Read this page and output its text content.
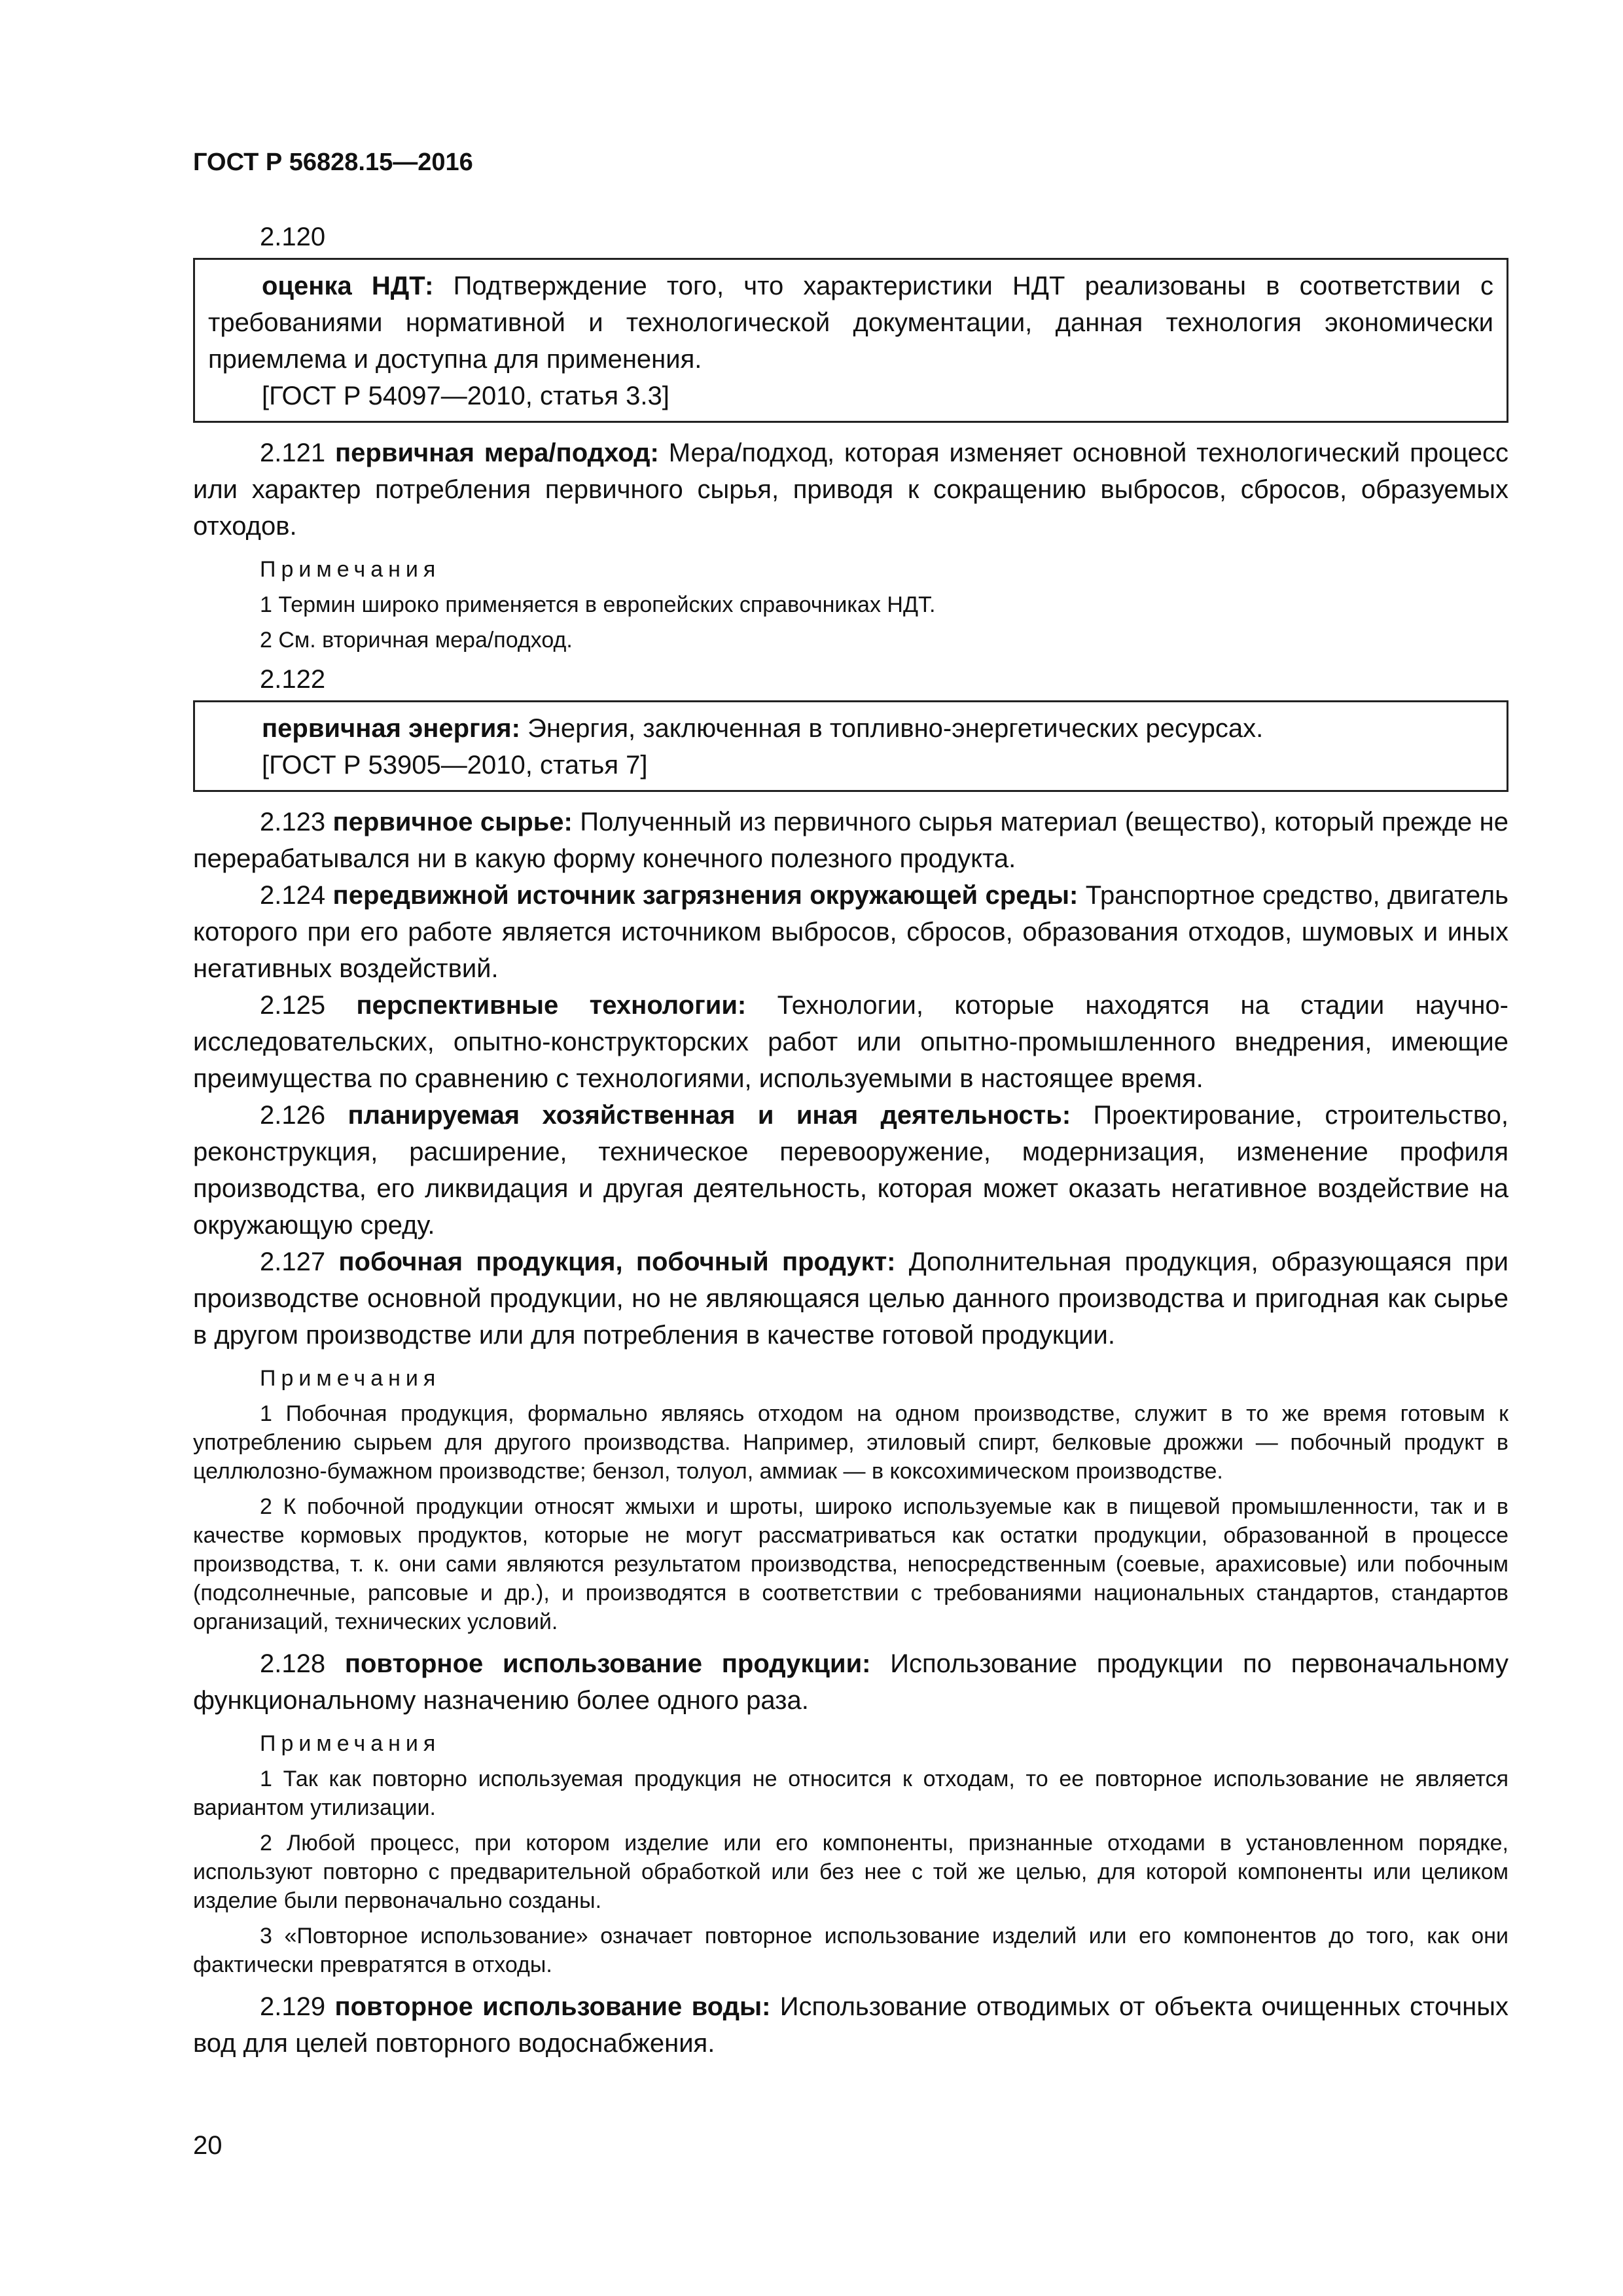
ГОСТ Р 56828.15—2016

2.120

оценка НДТ: Подтверждение того, что характеристики НДТ реализованы в соответствии с требованиями нормативной и технологической документации, данная технология экономически приемлема и доступна для применения.

[ГОСТ Р 54097—2010, статья 3.3]

2.121 первичная мера/подход: Мера/подход, которая изменяет основной технологический процесс или характер потребления первичного сырья, приводя к сокращению выбросов, сбросов, образуемых отходов.

Примечания

1 Термин широко применяется в европейских справочниках НДТ.

2 См. вторичная мера/подход.

2.122

первичная энергия: Энергия, заключенная в топливно-энергетических ресурсах.

[ГОСТ Р 53905—2010, статья 7]

2.123 первичное сырье: Полученный из первичного сырья материал (вещество), который прежде не перерабатывался ни в какую форму конечного полезного продукта.

2.124 передвижной источник загрязнения окружающей среды: Транспортное средство, двигатель которого при его работе является источником выбросов, сбросов, образования отходов, шумовых и иных негативных воздействий.

2.125 перспективные технологии: Технологии, которые находятся на стадии научно-исследовательских, опытно-конструкторских работ или опытно-промышленного внедрения, имеющие преимущества по сравнению с технологиями, используемыми в настоящее время.

2.126 планируемая хозяйственная и иная деятельность: Проектирование, строительство, реконструкция, расширение, техническое перевооружение, модернизация, изменение профиля производства, его ликвидация и другая деятельность, которая может оказать негативное воздействие на окружающую среду.

2.127 побочная продукция, побочный продукт: Дополнительная продукция, образующаяся при производстве основной продукции, но не являющаяся целью данного производства и пригодная как сырье в другом производстве или для потребления в качестве готовой продукции.

Примечания

1 Побочная продукция, формально являясь отходом на одном производстве, служит в то же время готовым к употреблению сырьем для другого производства. Например, этиловый спирт, белковые дрожжи — побочный продукт в целлюлозно-бумажном производстве; бензол, толуол, аммиак — в коксохимическом производстве.

2 К побочной продукции относят жмыхи и шроты, широко используемые как в пищевой промышленности, так и в качестве кормовых продуктов, которые не могут рассматриваться как остатки продукции, образованной в процессе производства, т. к. они сами являются результатом производства, непосредственным (соевые, арахисовые) или побочным (подсолнечные, рапсовые и др.), и производятся в соответствии с требованиями национальных стандартов, стандартов организаций, технических условий.

2.128 повторное использование продукции: Использование продукции по первоначальному функциональному назначению более одного раза.

Примечания

1 Так как повторно используемая продукция не относится к отходам, то ее повторное использование не является вариантом утилизации.

2 Любой процесс, при котором изделие или его компоненты, признанные отходами в установленном порядке, используют повторно с предварительной обработкой или без нее с той же целью, для которой компоненты или целиком изделие были первоначально созданы.

3 «Повторное использование» означает повторное использование изделий или его компонентов до того, как они фактически превратятся в отходы.

2.129 повторное использование воды: Использование отводимых от объекта очищенных сточных вод для целей повторного водоснабжения.

20
